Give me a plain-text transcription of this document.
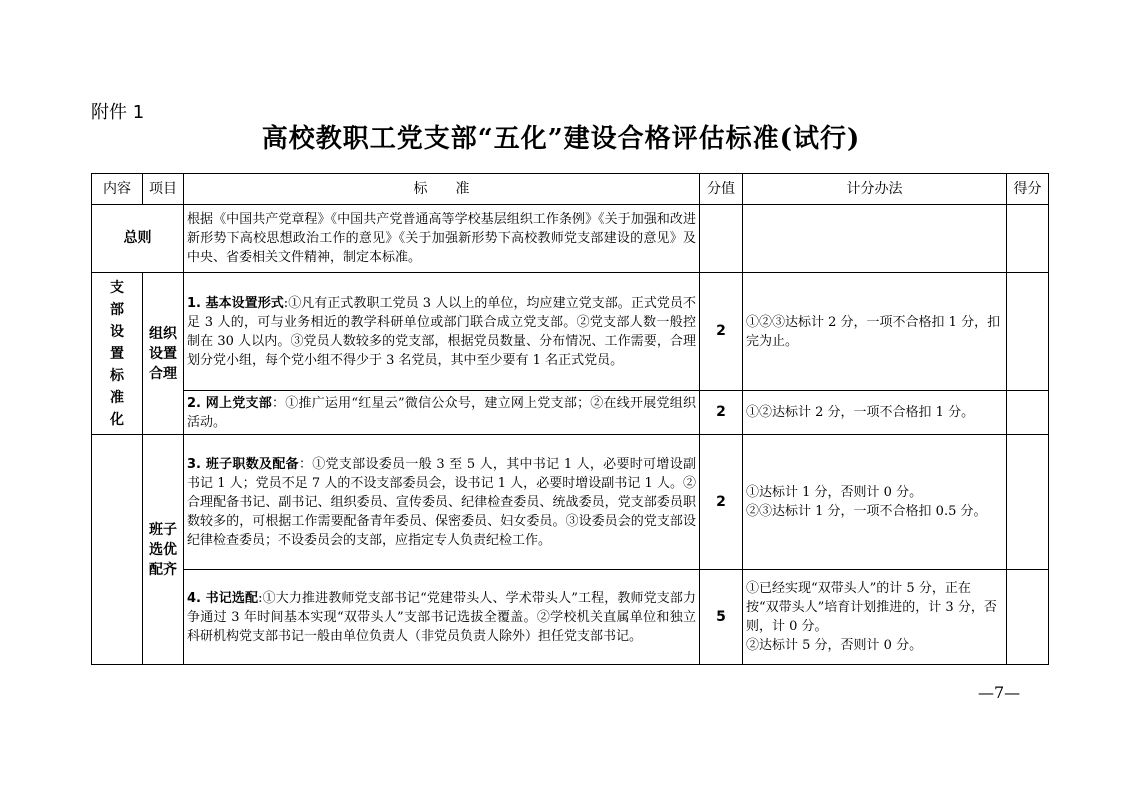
附件 1
高校教职工党支部“五化”建设合格评估标准(试行)
内容	项目	标　　准	分值	计分办法	得分
总则		根据《中国共产党章程》《中国共产党普通高等学校基层组织工作条例》《关于加强和改进新形势下高校思想政治工作的意见》《关于加强新形势下高校教师党支部建设的意见》及中央、省委相关文件精神，制定本标准。			

支部设置标准化	组织设置合理	1. 基本设置形式:①凡有正式教职工党员 3 人以上的单位，均应建立党支部。正式党员不足 3 人的，可与业务相近的教学科研单位或部门联合成立党支部。②党支部人数一般控制在 30 人以内。③党员人数较多的党支部，根据党员数量、分布情况、工作需要，合理划分党小组，每个党小组不得少于 3 名党员，其中至少要有 1 名正式党员。	2	①②③达标计 2 分，一项不合格扣 1 分，扣完为止。	

		2. 网上党支部：①推广运用“红星云”微信公众号，建立网上党支部；②在线开展党组织活动。	2	①②达标计 2 分，一项不合格扣 1 分。	

	班子选优配齐	3. 班子职数及配备：①党支部设委员一般 3 至 5 人，其中书记 1 人，必要时可增设副书记 1 人；党员不足 7 人的不设支部委员会，设书记 1 人，必要时增设副书记 1 人。②合理配备书记、副书记、组织委员、宣传委员、纪律检查委员、统战委员，党支部委员职数较多的，可根据工作需要配备青年委员、保密委员、妇女委员。③设委员会的党支部设纪律检查委员；不设委员会的支部，应指定专人负责纪检工作。	2	①达标计 1 分，否则计 0 分。
②③达标计 1 分，一项不合格扣 0.5 分。	

		4. 书记选配:①大力推进教师党支部书记“党建带头人、学术带头人”工程，教师党支部力争通过 3 年时间基本实现“双带头人”支部书记选拔全覆盖。②学校机关直属单位和独立科研机构党支部书记一般由单位负责人（非党员负责人除外）担任党支部书记。	5	①已经实现“双带头人”的计 5 分，正在按“双带头人”培育计划推进的，计 3 分，否则，计 0 分。
②达标计 5 分，否则计 0 分。	

—7—
